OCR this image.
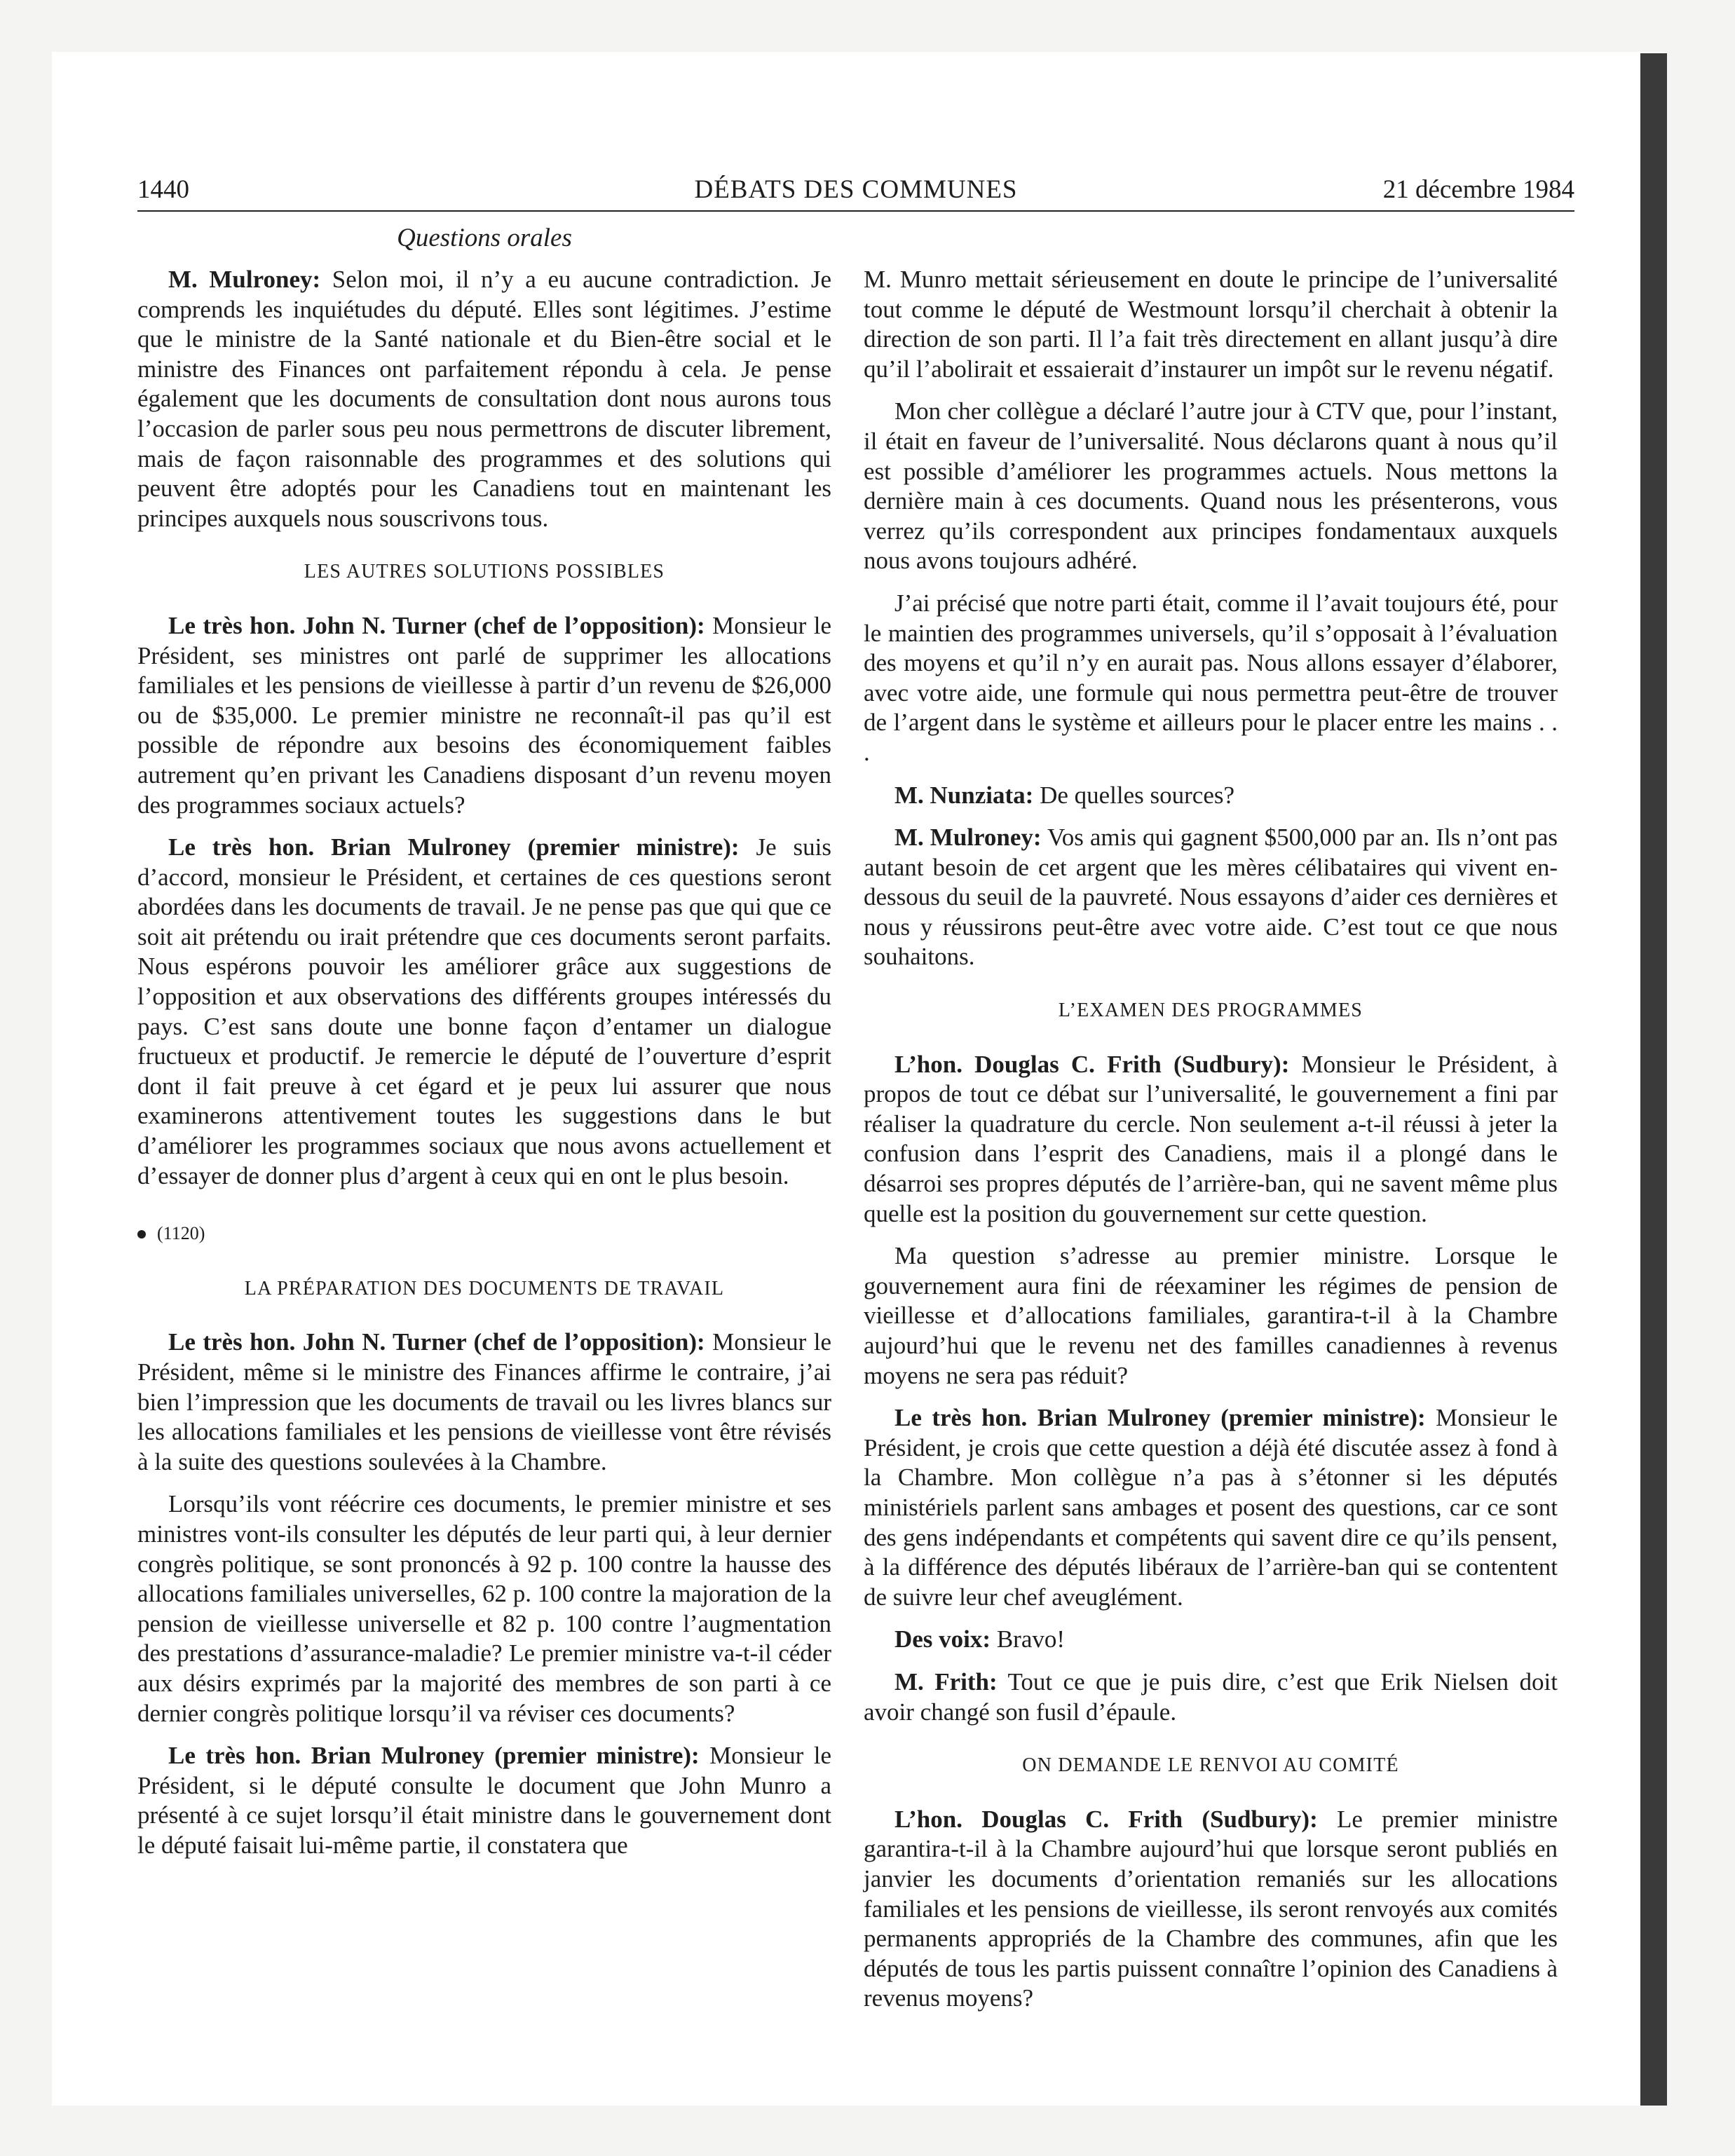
1440	DÉBATS DES COMMUNES	21 décembre 1984
Questions orales

M. Mulroney: Selon moi, il n’y a eu aucune contradiction. Je comprends les inquiétudes du député. Elles sont légitimes. J’estime que le ministre de la Santé nationale et du Bien-être social et le ministre des Finances ont parfaitement répondu à cela. Je pense également que les documents de consultation dont nous aurons tous l’occasion de parler sous peu nous permettrons de discuter librement, mais de façon raisonnable des programmes et des solutions qui peuvent être adoptés pour les Canadiens tout en maintenant les principes auxquels nous souscrivons tous.

LES AUTRES SOLUTIONS POSSIBLES

Le très hon. John N. Turner (chef de l’opposition): Monsieur le Président, ses ministres ont parlé de supprimer les allocations familiales et les pensions de vieillesse à partir d’un revenu de $26,000 ou de $35,000. Le premier ministre ne reconnaît-il pas qu’il est possible de répondre aux besoins des économiquement faibles autrement qu’en privant les Canadiens disposant d’un revenu moyen des programmes sociaux actuels?

Le très hon. Brian Mulroney (premier ministre): Je suis d’accord, monsieur le Président, et certaines de ces questions seront abordées dans les documents de travail. Je ne pense pas que qui que ce soit ait prétendu ou irait prétendre que ces documents seront parfaits. Nous espérons pouvoir les améliorer grâce aux suggestions de l’opposition et aux observations des différents groupes intéressés du pays. C’est sans doute une bonne façon d’entamer un dialogue fructueux et productif. Je remercie le député de l’ouverture d’esprit dont il fait preuve à cet égard et je peux lui assurer que nous examinerons attentivement toutes les suggestions dans le but d’améliorer les programmes sociaux que nous avons actuellement et d’essayer de donner plus d’argent à ceux qui en ont le plus besoin.

(1120)
LA PRÉPARATION DES DOCUMENTS DE TRAVAIL

Le très hon. John N. Turner (chef de l’opposition): Monsieur le Président, même si le ministre des Finances affirme le contraire, j’ai bien l’impression que les documents de travail ou les livres blancs sur les allocations familiales et les pensions de vieillesse vont être révisés à la suite des questions soulevées à la Chambre.

Lorsqu’ils vont réécrire ces documents, le premier ministre et ses ministres vont-ils consulter les députés de leur parti qui, à leur dernier congrès politique, se sont prononcés à 92 p. 100 contre la hausse des allocations familiales universelles, 62 p. 100 contre la majoration de la pension de vieillesse universelle et 82 p. 100 contre l’augmentation des prestations d’assurance-maladie? Le premier ministre va-t-il céder aux désirs exprimés par la majorité des membres de son parti à ce dernier congrès politique lorsqu’il va réviser ces documents?

Le très hon. Brian Mulroney (premier ministre): Monsieur le Président, si le député consulte le document que John Munro a présenté à ce sujet lorsqu’il était ministre dans le gouvernement dont le député faisait lui-même partie, il constatera que

M. Munro mettait sérieusement en doute le principe de l’universalité tout comme le député de Westmount lorsqu’il cherchait à obtenir la direction de son parti. Il l’a fait très directement en allant jusqu’à dire qu’il l’abolirait et essaierait d’instaurer un impôt sur le revenu négatif.

Mon cher collègue a déclaré l’autre jour à CTV que, pour l’instant, il était en faveur de l’universalité. Nous déclarons quant à nous qu’il est possible d’améliorer les programmes actuels. Nous mettons la dernière main à ces documents. Quand nous les présenterons, vous verrez qu’ils correspondent aux principes fondamentaux auxquels nous avons toujours adhéré.

J’ai précisé que notre parti était, comme il l’avait toujours été, pour le maintien des programmes universels, qu’il s’opposait à l’évaluation des moyens et qu’il n’y en aurait pas. Nous allons essayer d’élaborer, avec votre aide, une formule qui nous permettra peut-être de trouver de l’argent dans le système et ailleurs pour le placer entre les mains . . .

M. Nunziata: De quelles sources?

M. Mulroney: Vos amis qui gagnent $500,000 par an. Ils n’ont pas autant besoin de cet argent que les mères célibataires qui vivent en-dessous du seuil de la pauvreté. Nous essayons d’aider ces dernières et nous y réussirons peut-être avec votre aide. C’est tout ce que nous souhaitons.

L’EXAMEN DES PROGRAMMES

L’hon. Douglas C. Frith (Sudbury): Monsieur le Président, à propos de tout ce débat sur l’universalité, le gouvernement a fini par réaliser la quadrature du cercle. Non seulement a-t-il réussi à jeter la confusion dans l’esprit des Canadiens, mais il a plongé dans le désarroi ses propres députés de l’arrière-ban, qui ne savent même plus quelle est la position du gouvernement sur cette question.

Ma question s’adresse au premier ministre. Lorsque le gouvernement aura fini de réexaminer les régimes de pension de vieillesse et d’allocations familiales, garantira-t-il à la Chambre aujourd’hui que le revenu net des familles canadiennes à revenus moyens ne sera pas réduit?

Le très hon. Brian Mulroney (premier ministre): Monsieur le Président, je crois que cette question a déjà été discutée assez à fond à la Chambre. Mon collègue n’a pas à s’étonner si les députés ministériels parlent sans ambages et posent des questions, car ce sont des gens indépendants et compétents qui savent dire ce qu’ils pensent, à la différence des députés libéraux de l’arrière-ban qui se contentent de suivre leur chef aveuglément.

Des voix: Bravo!

M. Frith: Tout ce que je puis dire, c’est que Erik Nielsen doit avoir changé son fusil d’épaule.

ON DEMANDE LE RENVOI AU COMITÉ

L’hon. Douglas C. Frith (Sudbury): Le premier ministre garantira-t-il à la Chambre aujourd’hui que lorsque seront publiés en janvier les documents d’orientation remaniés sur les allocations familiales et les pensions de vieillesse, ils seront renvoyés aux comités permanents appropriés de la Chambre des communes, afin que les députés de tous les partis puissent connaître l’opinion des Canadiens à revenus moyens?
